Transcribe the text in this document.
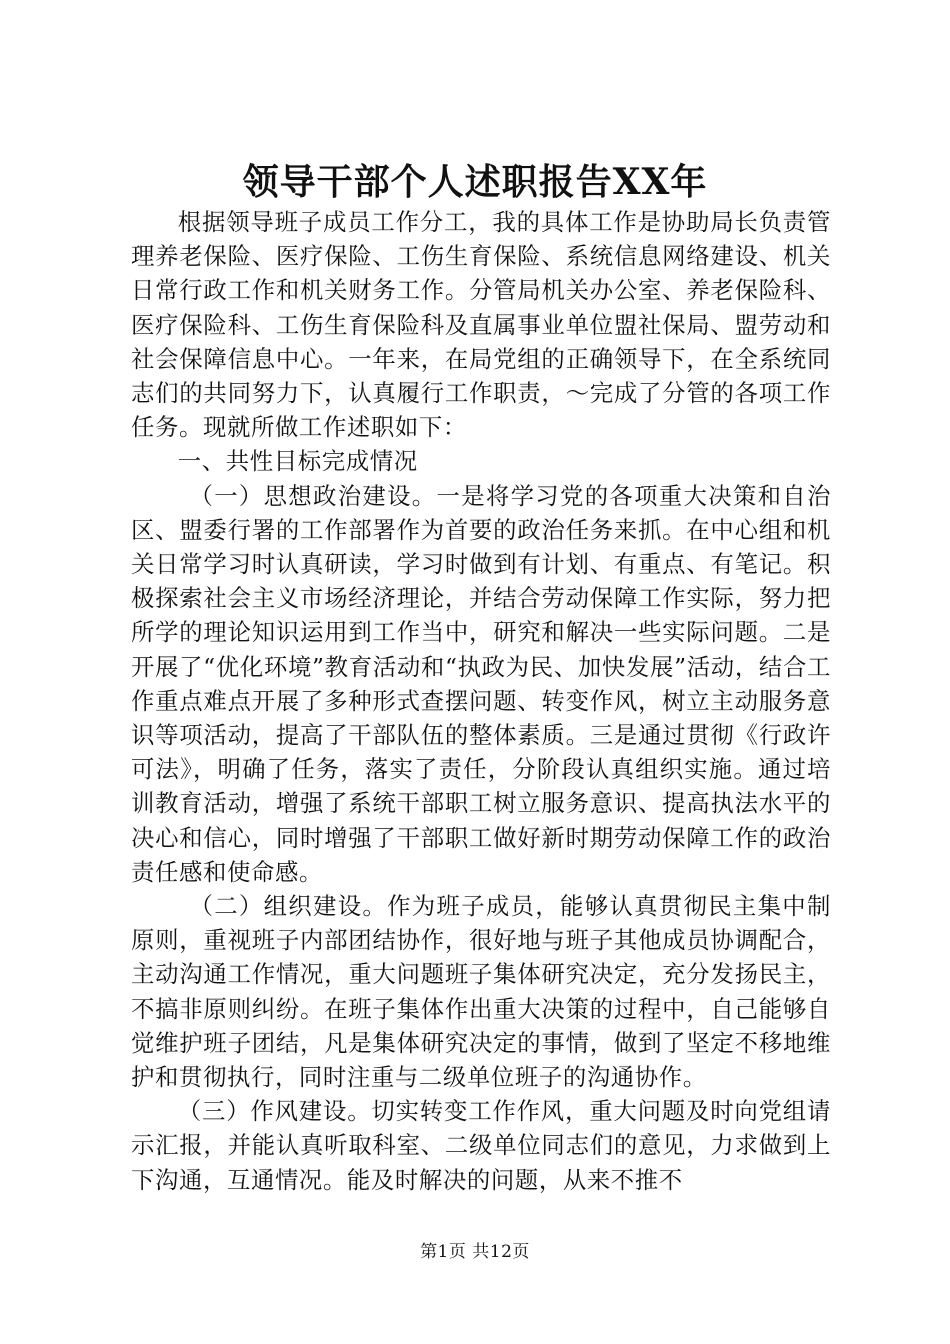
领导干部个人述职报告XX年

根据领导班子成员工作分工，我的具体工作是协助局长负责管理养老保险、医疗保险、工伤生育保险、系统信息网络建设、机关日常行政工作和机关财务工作。分管局机关办公室、养老保险科、医疗保险科、工伤生育保险科及直属事业单位盟社保局、盟劳动和社会保障信息中心。一年来，在局党组的正确领导下，在全系统同志们的共同努力下，认真履行工作职责，～完成了分管的各项工作任务。现就所做工作述职如下：

一、共性目标完成情况

（一）思想政治建设。一是将学习党的各项重大决策和自治区、盟委行署的工作部署作为首要的政治任务来抓。在中心组和机关日常学习时认真研读，学习时做到有计划、有重点、有笔记。积极探索社会主义市场经济理论，并结合劳动保障工作实际，努力把所学的理论知识运用到工作当中，研究和解决一些实际问题。二是开展了“优化环境”教育活动和“执政为民、加快发展”活动，结合工作重点难点开展了多种形式查摆问题、转变作风，树立主动服务意识等项活动，提高了干部队伍的整体素质。三是通过贯彻《行政许可法》，明确了任务，落实了责任，分阶段认真组织实施。通过培训教育活动，增强了系统干部职工树立服务意识、提高执法水平的决心和信心，同时增强了干部职工做好新时期劳动保障工作的政治责任感和使命感。

（二）组织建设。作为班子成员，能够认真贯彻民主集中制原则，重视班子内部团结协作，很好地与班子其他成员协调配合，主动沟通工作情况，重大问题班子集体研究决定，充分发扬民主，不搞非原则纠纷。在班子集体作出重大决策的过程中，自己能够自觉维护班子团结，凡是集体研究决定的事情，做到了坚定不移地维护和贯彻执行，同时注重与二级单位班子的沟通协作。

（三）作风建设。切实转变工作作风，重大问题及时向党组请示汇报，并能认真听取科室、二级单位同志们的意见，力求做到上下沟通，互通情况。能及时解决的问题，从来不推不

第1页 共12页
